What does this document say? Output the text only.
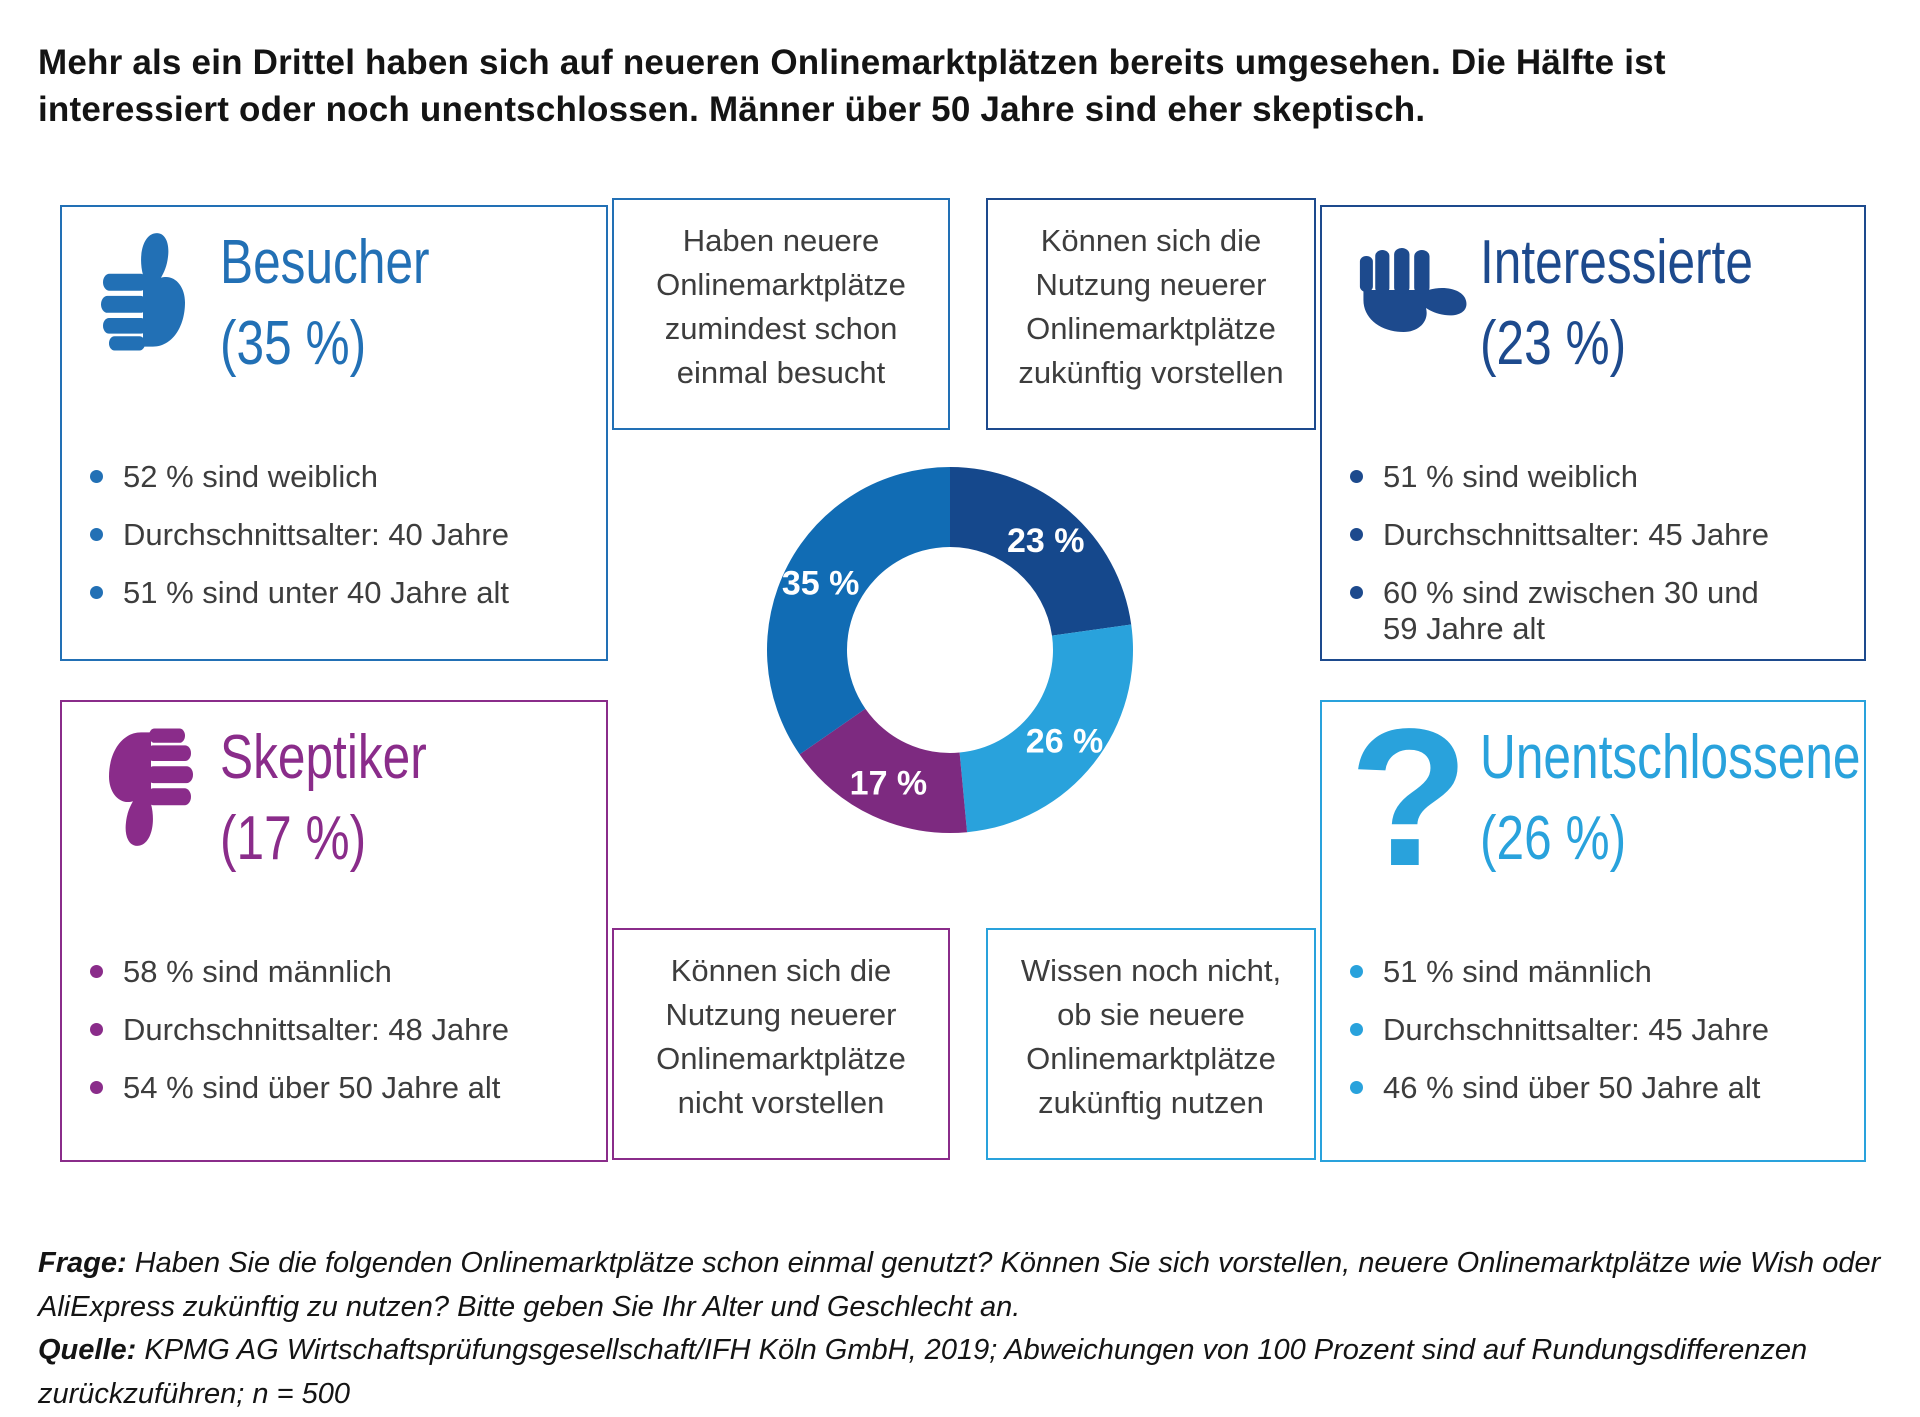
Mehr als ein Drittel haben sich auf neueren Onlinemarktplätzen bereits umgesehen. Die Hälfte ist
interessiert oder noch unentschlossen. Männer über 50 Jahre sind eher skeptisch.
Besucher
(35 %)
52 % sind weiblich
Durchschnittsalter: 40 Jahre
51 % sind unter 40 Jahre alt
Interessierte
(23 %)
51 % sind weiblich
Durchschnittsalter: 45 Jahre
60 % sind zwischen 30 und 59 Jahre alt
Skeptiker
(17 %)
58 % sind männlich
Durchschnittsalter: 48 Jahre
54 % sind über 50 Jahre alt
? Unentschlossene
(26 %)
51 % sind männlich
Durchschnittsalter: 45 Jahre
46 % sind über 50 Jahre alt
Haben neuere Onlinemarktplätze zumindest schon einmal besucht
Können sich die Nutzung neuerer Onlinemarktplätze zukünftig vorstellen
Können sich die Nutzung neuerer Onlinemarktplätze nicht vorstellen
Wissen noch nicht, ob sie neuere Onlinemarktplätze zukünftig nutzen
23 %
26 %
17 %
35 %
Frage: Haben Sie die folgenden Onlinemarktplätze schon einmal genutzt? Können Sie sich vorstellen, neuere Onlinemarktplätze wie Wish oder
AliExpress zukünftig zu nutzen? Bitte geben Sie Ihr Alter und Geschlecht an.
Quelle: KPMG AG Wirtschaftsprüfungsgesellschaft/IFH Köln GmbH, 2019; Abweichungen von 100 Prozent sind auf Rundungsdifferenzen
zurückzuführen; n = 500
